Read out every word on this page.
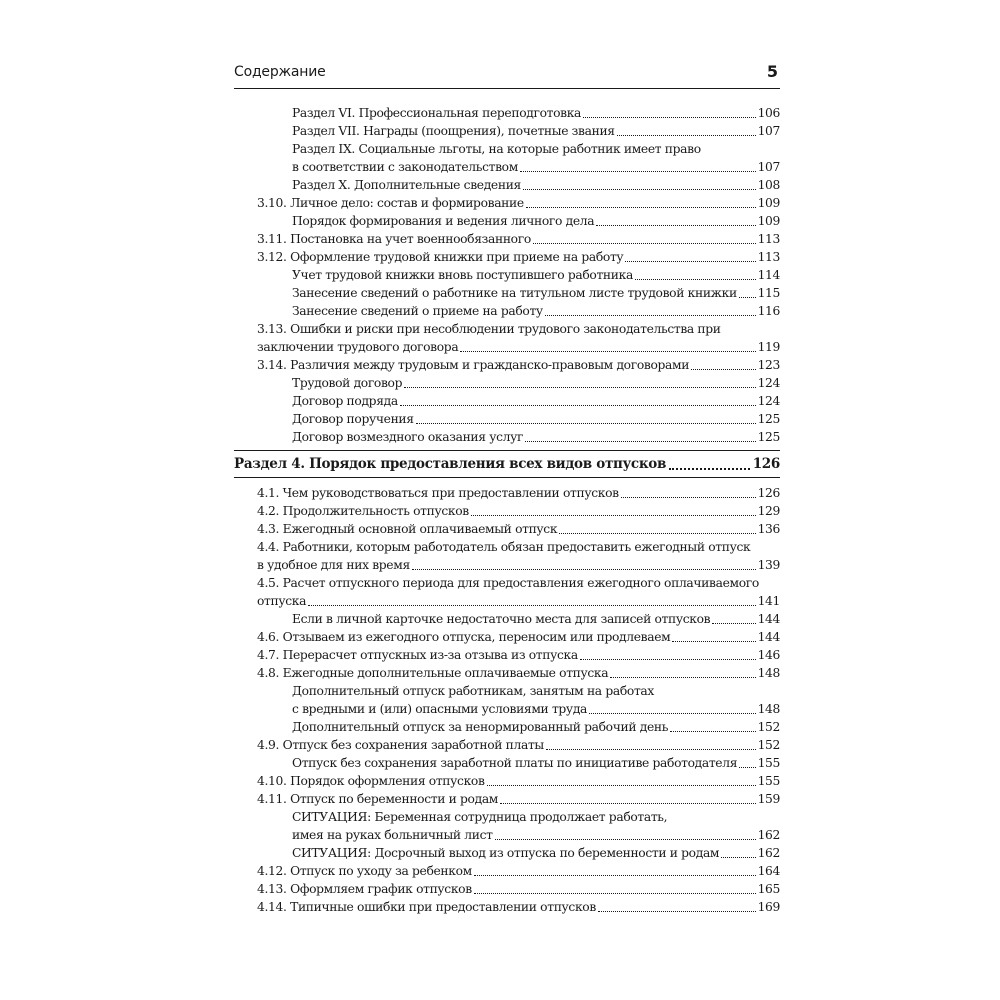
Содержание	5
Раздел VI. Профессиональная переподготовка	106
Раздел VII. Награды (поощрения), почетные звания	107
Раздел IX. Социальные льготы, на которые работник имеет право
в соответствии с законодательством	107
Раздел X. Дополнительные сведения	108
3.10. Личное дело: состав и формирование	109
Порядок формирования и ведения личного дела	109
3.11. Постановка на учет военнообязанного	113
3.12. Оформление трудовой книжки при приеме на работу	113
Учет трудовой книжки вновь поступившего работника	114
Занесение сведений о работнике на титульном листе трудовой книжки 115
Занесение сведений о приеме на работу	116
3.13. Ошибки и риски при несоблюдении трудового законодательства при
заключении трудового договора	119
3.14. Различия между трудовым и гражданско-правовым договорами	123
Трудовой договор	124
Договор подряда	124
Договор поручения	125
Договор возмездного оказания услуг	125
Раздел 4. Порядок предоставления всех видов отпусков	126
4.1. Чем руководствоваться при предоставлении отпусков	126
4.2. Продолжительность отпусков	129
4.3. Ежегодный основной оплачиваемый отпуск	136
4.4. Работники, которым работодатель обязан предоставить ежегодный отпуск
в удобное для них время	139
4.5. Расчет отпускного периода для предоставления ежегодного оплачиваемого
отпуска	141
Если в личной карточке недостаточно места для записей отпусков	144
4.6. Отзываем из ежегодного отпуска, переносим или продлеваем	144
4.7. Перерасчет отпускных из-за отзыва из отпуска	146
4.8. Ежегодные дополнительные оплачиваемые отпуска	148
Дополнительный отпуск работникам, занятым на работах
с вредными и (или) опасными условиями труда	148
Дополнительный отпуск за ненормированный рабочий день	152
4.9. Отпуск без сохранения заработной платы	152
Отпуск без сохранения заработной платы по инициативе работодателя 155
4.10. Порядок оформления отпусков	155
4.11. Отпуск по беременности и родам	159
СИТУАЦИЯ: Беременная сотрудница продолжает работать,
имея на руках больничный лист	162
СИТУАЦИЯ: Досрочный выход из отпуска по беременности и родам	162
4.12. Отпуск по уходу за ребенком	164
4.13. Оформляем график отпусков	165
4.14. Типичные ошибки при предоставлении отпусков	169
